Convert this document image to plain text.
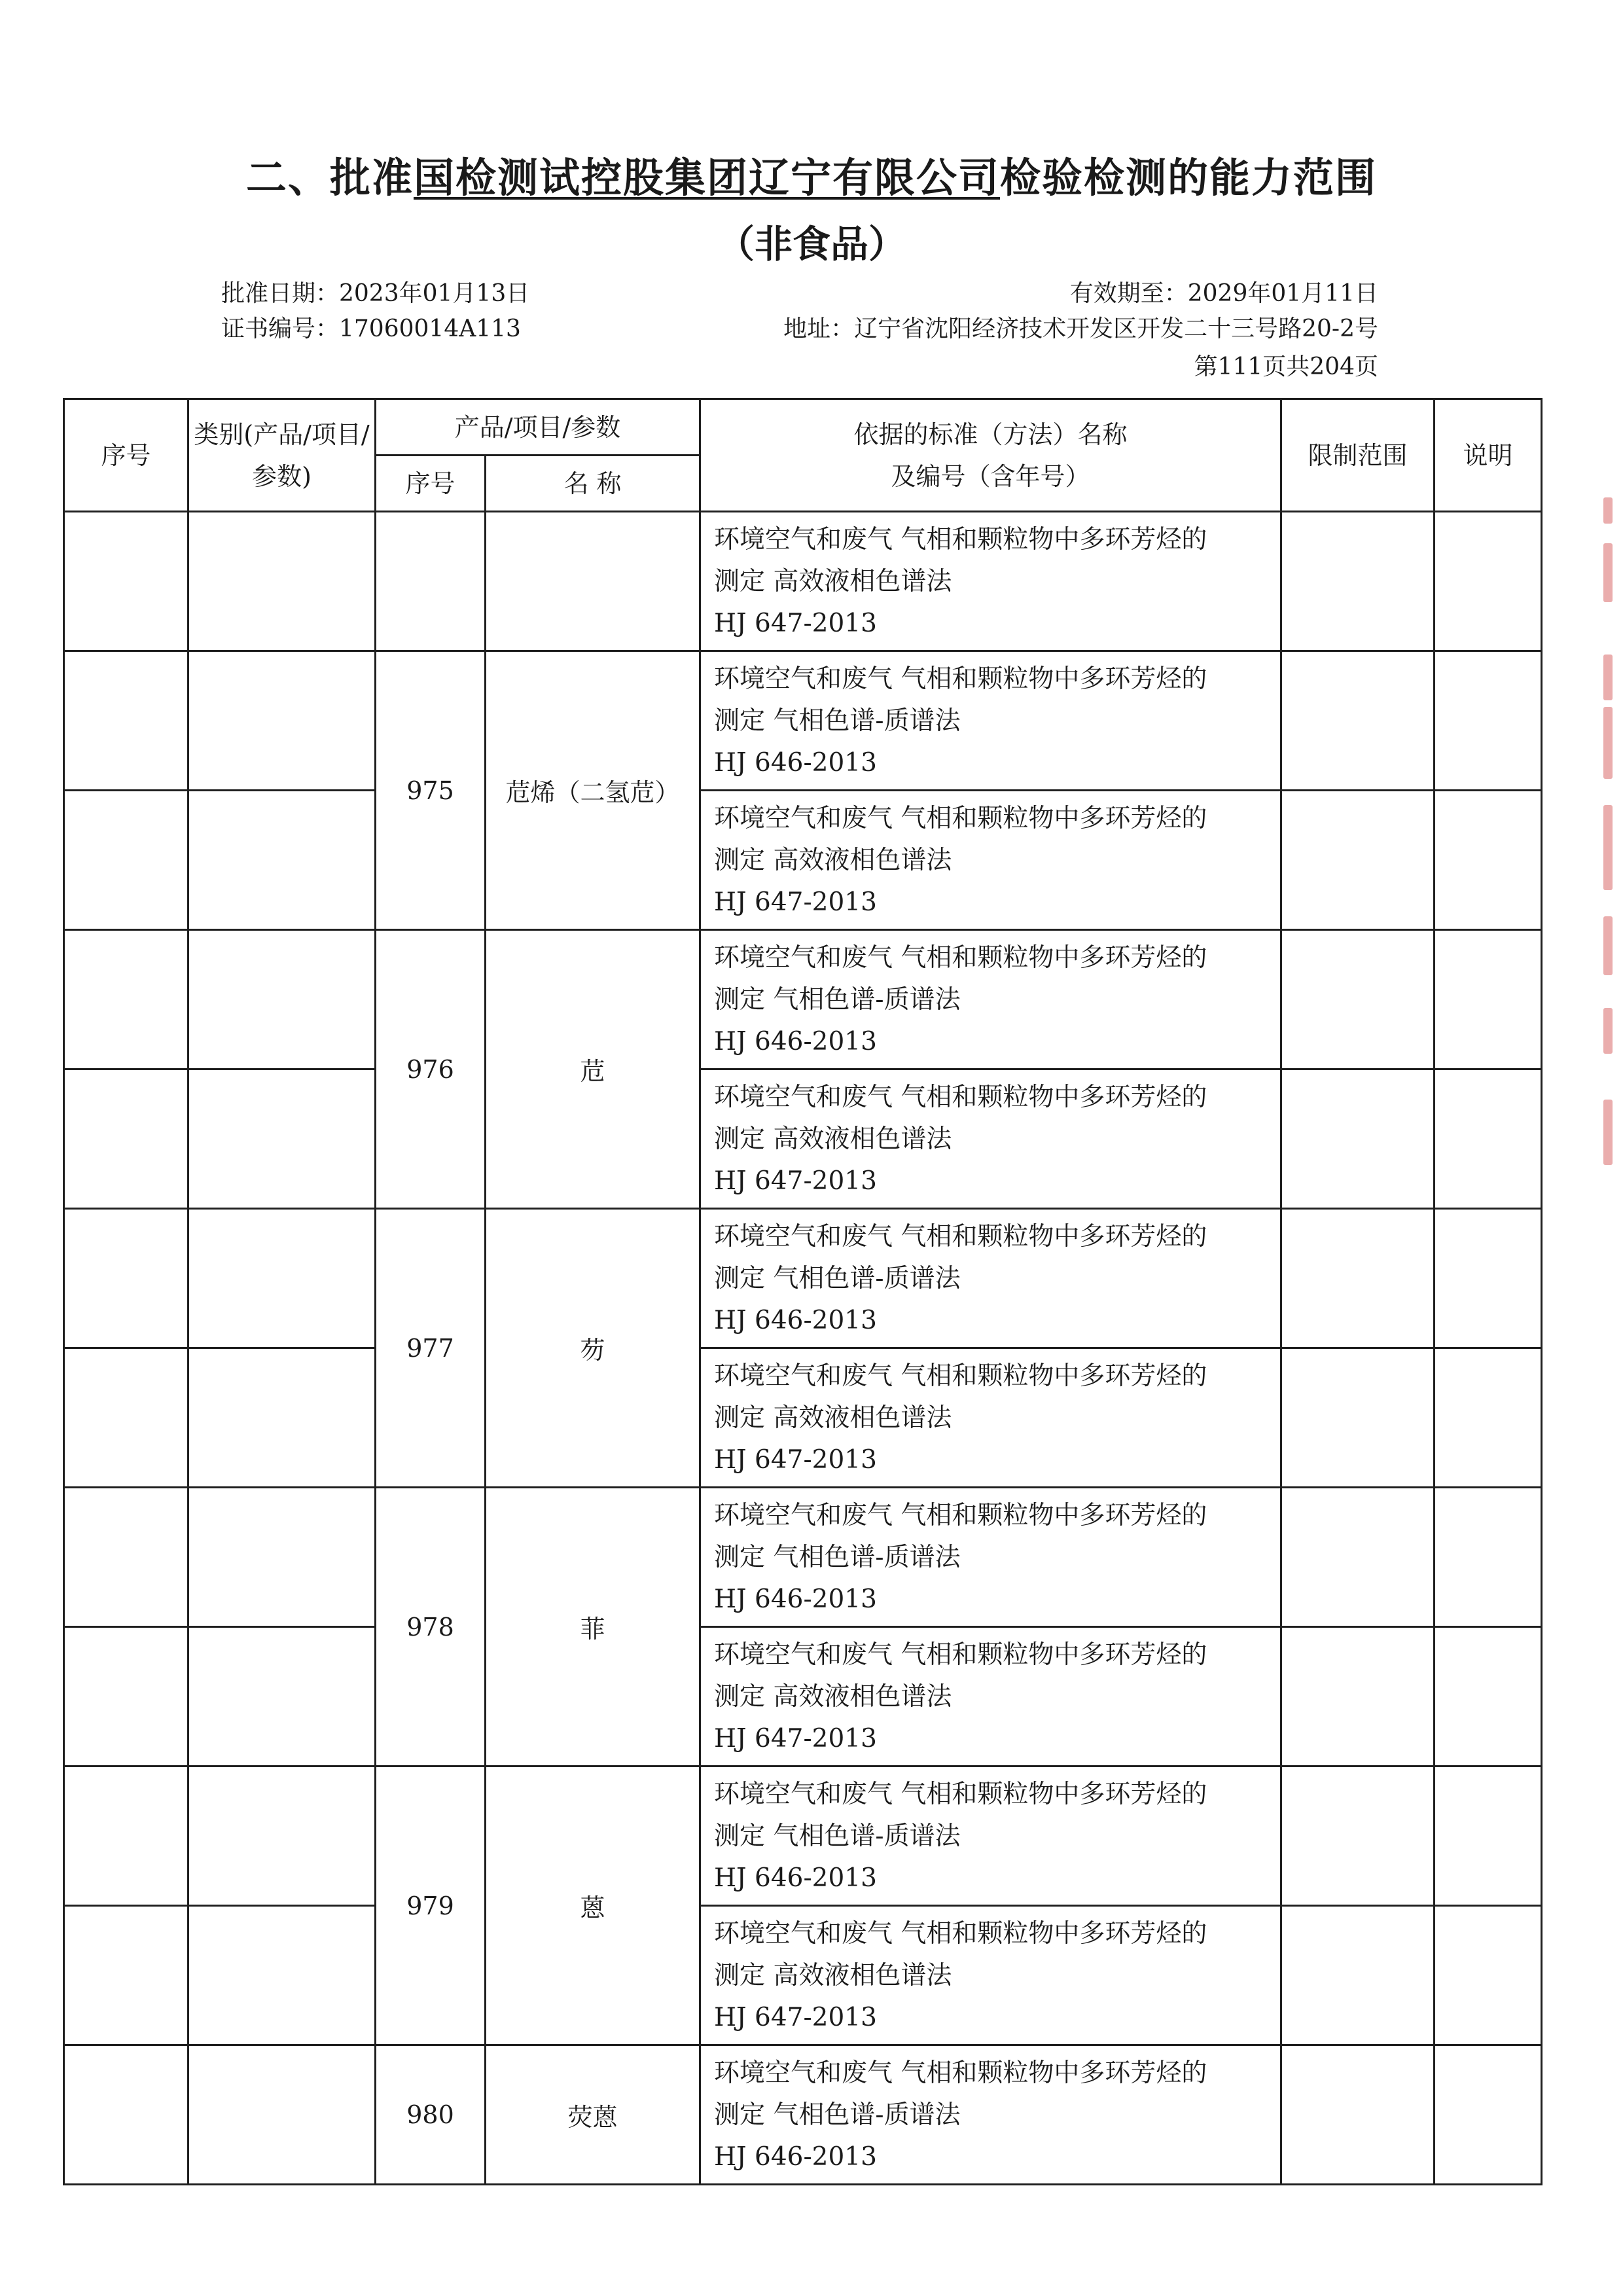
二、批准国检测试控股集团辽宁有限公司检验检测的能力范围
（非食品）
批准日期：2023年01月13日	有效期至：2029年01月11日
证书编号：17060014A113	地址：辽宁省沈阳经济技术开发区开发二十三号路20-2号
第111页共204页
序号	类别(产品/项目/参数)	产品/项目/参数		依据的标准（方法）名称
及编号（含年号）	限制范围	说明
		序号	名 称			

				环境空气和废气 气相和颗粒物中多环芳烃的
测定 高效液相色谱法
HJ 647-2013		

		975	苊烯（二氢苊）	环境空气和废气 气相和颗粒物中多环芳烃的
测定 气相色谱-质谱法
HJ 646-2013		

				环境空气和废气 气相和颗粒物中多环芳烃的
测定 高效液相色谱法
HJ 647-2013		

		976	苊	环境空气和废气 气相和颗粒物中多环芳烃的
测定 气相色谱-质谱法
HJ 646-2013		

				环境空气和废气 气相和颗粒物中多环芳烃的
测定 高效液相色谱法
HJ 647-2013		

		977	芴	环境空气和废气 气相和颗粒物中多环芳烃的
测定 气相色谱-质谱法
HJ 646-2013		

				环境空气和废气 气相和颗粒物中多环芳烃的
测定 高效液相色谱法
HJ 647-2013		

		978	菲	环境空气和废气 气相和颗粒物中多环芳烃的
测定 气相色谱-质谱法
HJ 646-2013		

				环境空气和废气 气相和颗粒物中多环芳烃的
测定 高效液相色谱法
HJ 647-2013		

		979	蒽	环境空气和废气 气相和颗粒物中多环芳烃的
测定 气相色谱-质谱法
HJ 646-2013		

				环境空气和废气 气相和颗粒物中多环芳烃的
测定 高效液相色谱法
HJ 647-2013		

		980	荧蒽	环境空气和废气 气相和颗粒物中多环芳烃的
测定 气相色谱-质谱法
HJ 646-2013		
